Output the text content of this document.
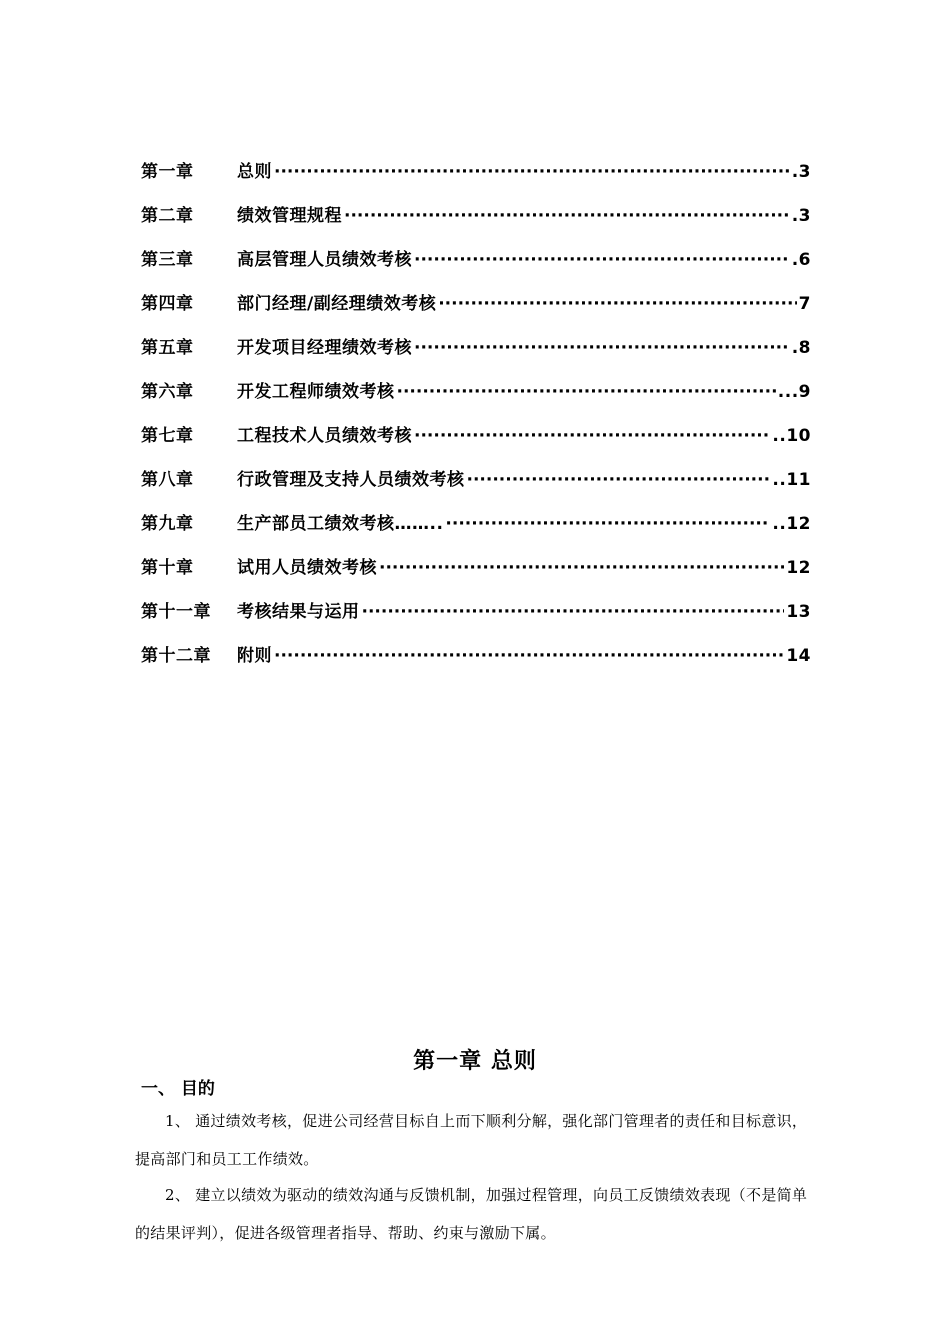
第一章	总则 ·····	.3
第二章	绩效管理规程 ·····	.3
第三章	高层管理人员绩效考核 ·····	.6
第四章	部门经理/副经理绩效考核 ·····	7
第五章	开发项目经理绩效考核 ·····	.8
第六章	开发工程师绩效考核 ·····	...9
第七章	工程技术人员绩效考核 ·····	..10
第八章	行政管理及支持人员绩效考核 ·····	..11
第九章	生产部员工绩效考核…….. ·····	..12
第十章	试用人员绩效考核 ·····	12
第十一章	考核结果与运用 ·····	13
第十二章	附则 ·····	14
第一章 总则
一、 目的

1、 通过绩效考核，促进公司经营目标自上而下顺利分解，强化部门管理者的责任和目标意识，提高部门和员工工作绩效。

2、 建立以绩效为驱动的绩效沟通与反馈机制，加强过程管理，向员工反馈绩效表现（不是简单的结果评判），促进各级管理者指导、帮助、约束与激励下属。
